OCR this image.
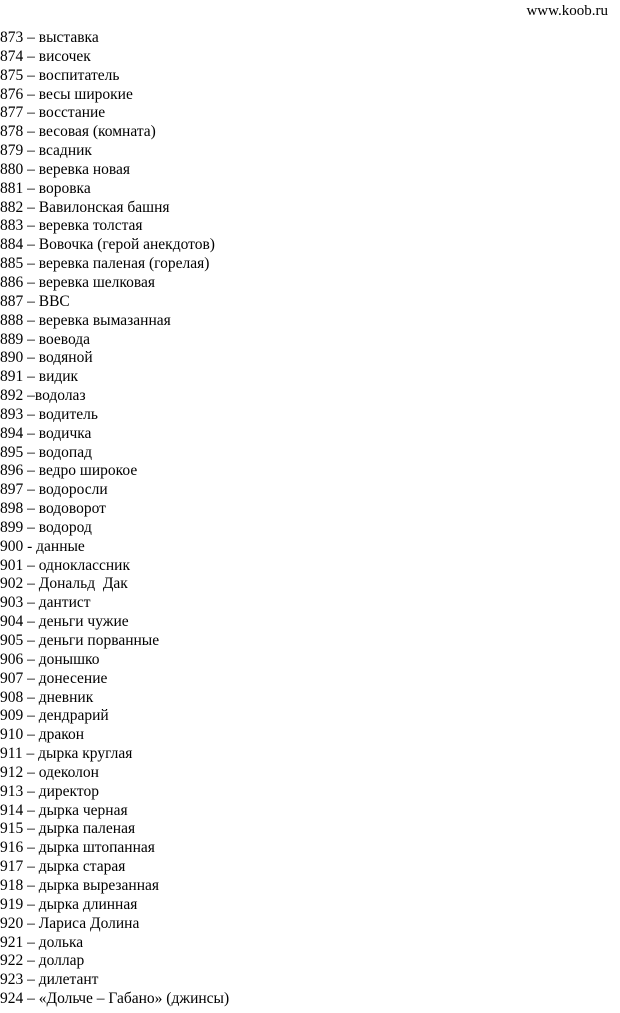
www.koob.ru
873 – выставка
874 – височек
875 – воспитатель
876 – весы широкие
877 – восстание
878 – весовая (комната)
879 – всадник
880 – веревка новая
881 – воровка
882 – Вавилонская башня
883 – веревка толстая
884 – Вовочка (герой анекдотов)
885 – веревка паленая (горелая)
886 – веревка шелковая
887 – BBC
888 – веревка вымазанная
889 – воевода
890 – водяной
891 – видик
892 –водолаз
893 – водитель
894 – водичка
895 – водопад
896 – ведро широкое
897 – водоросли
898 – водоворот
899 – водород
900 - данные
901 – одноклассник
902 – Дональд  Дак
903 – дантист
904 – деньги чужие
905 – деньги порванные
906 – донышко
907 – донесение
908 – дневник
909 – дендрарий
910 – дракон
911 – дырка круглая
912 – одеколон
913 – директор
914 – дырка черная
915 – дырка паленая
916 – дырка штопанная
917 – дырка старая
918 – дырка вырезанная
919 – дырка длинная
920 – Лариса Долина
921 – долька
922 – доллар
923 – дилетант
924 – «Дольче – Габано» (джинсы)
